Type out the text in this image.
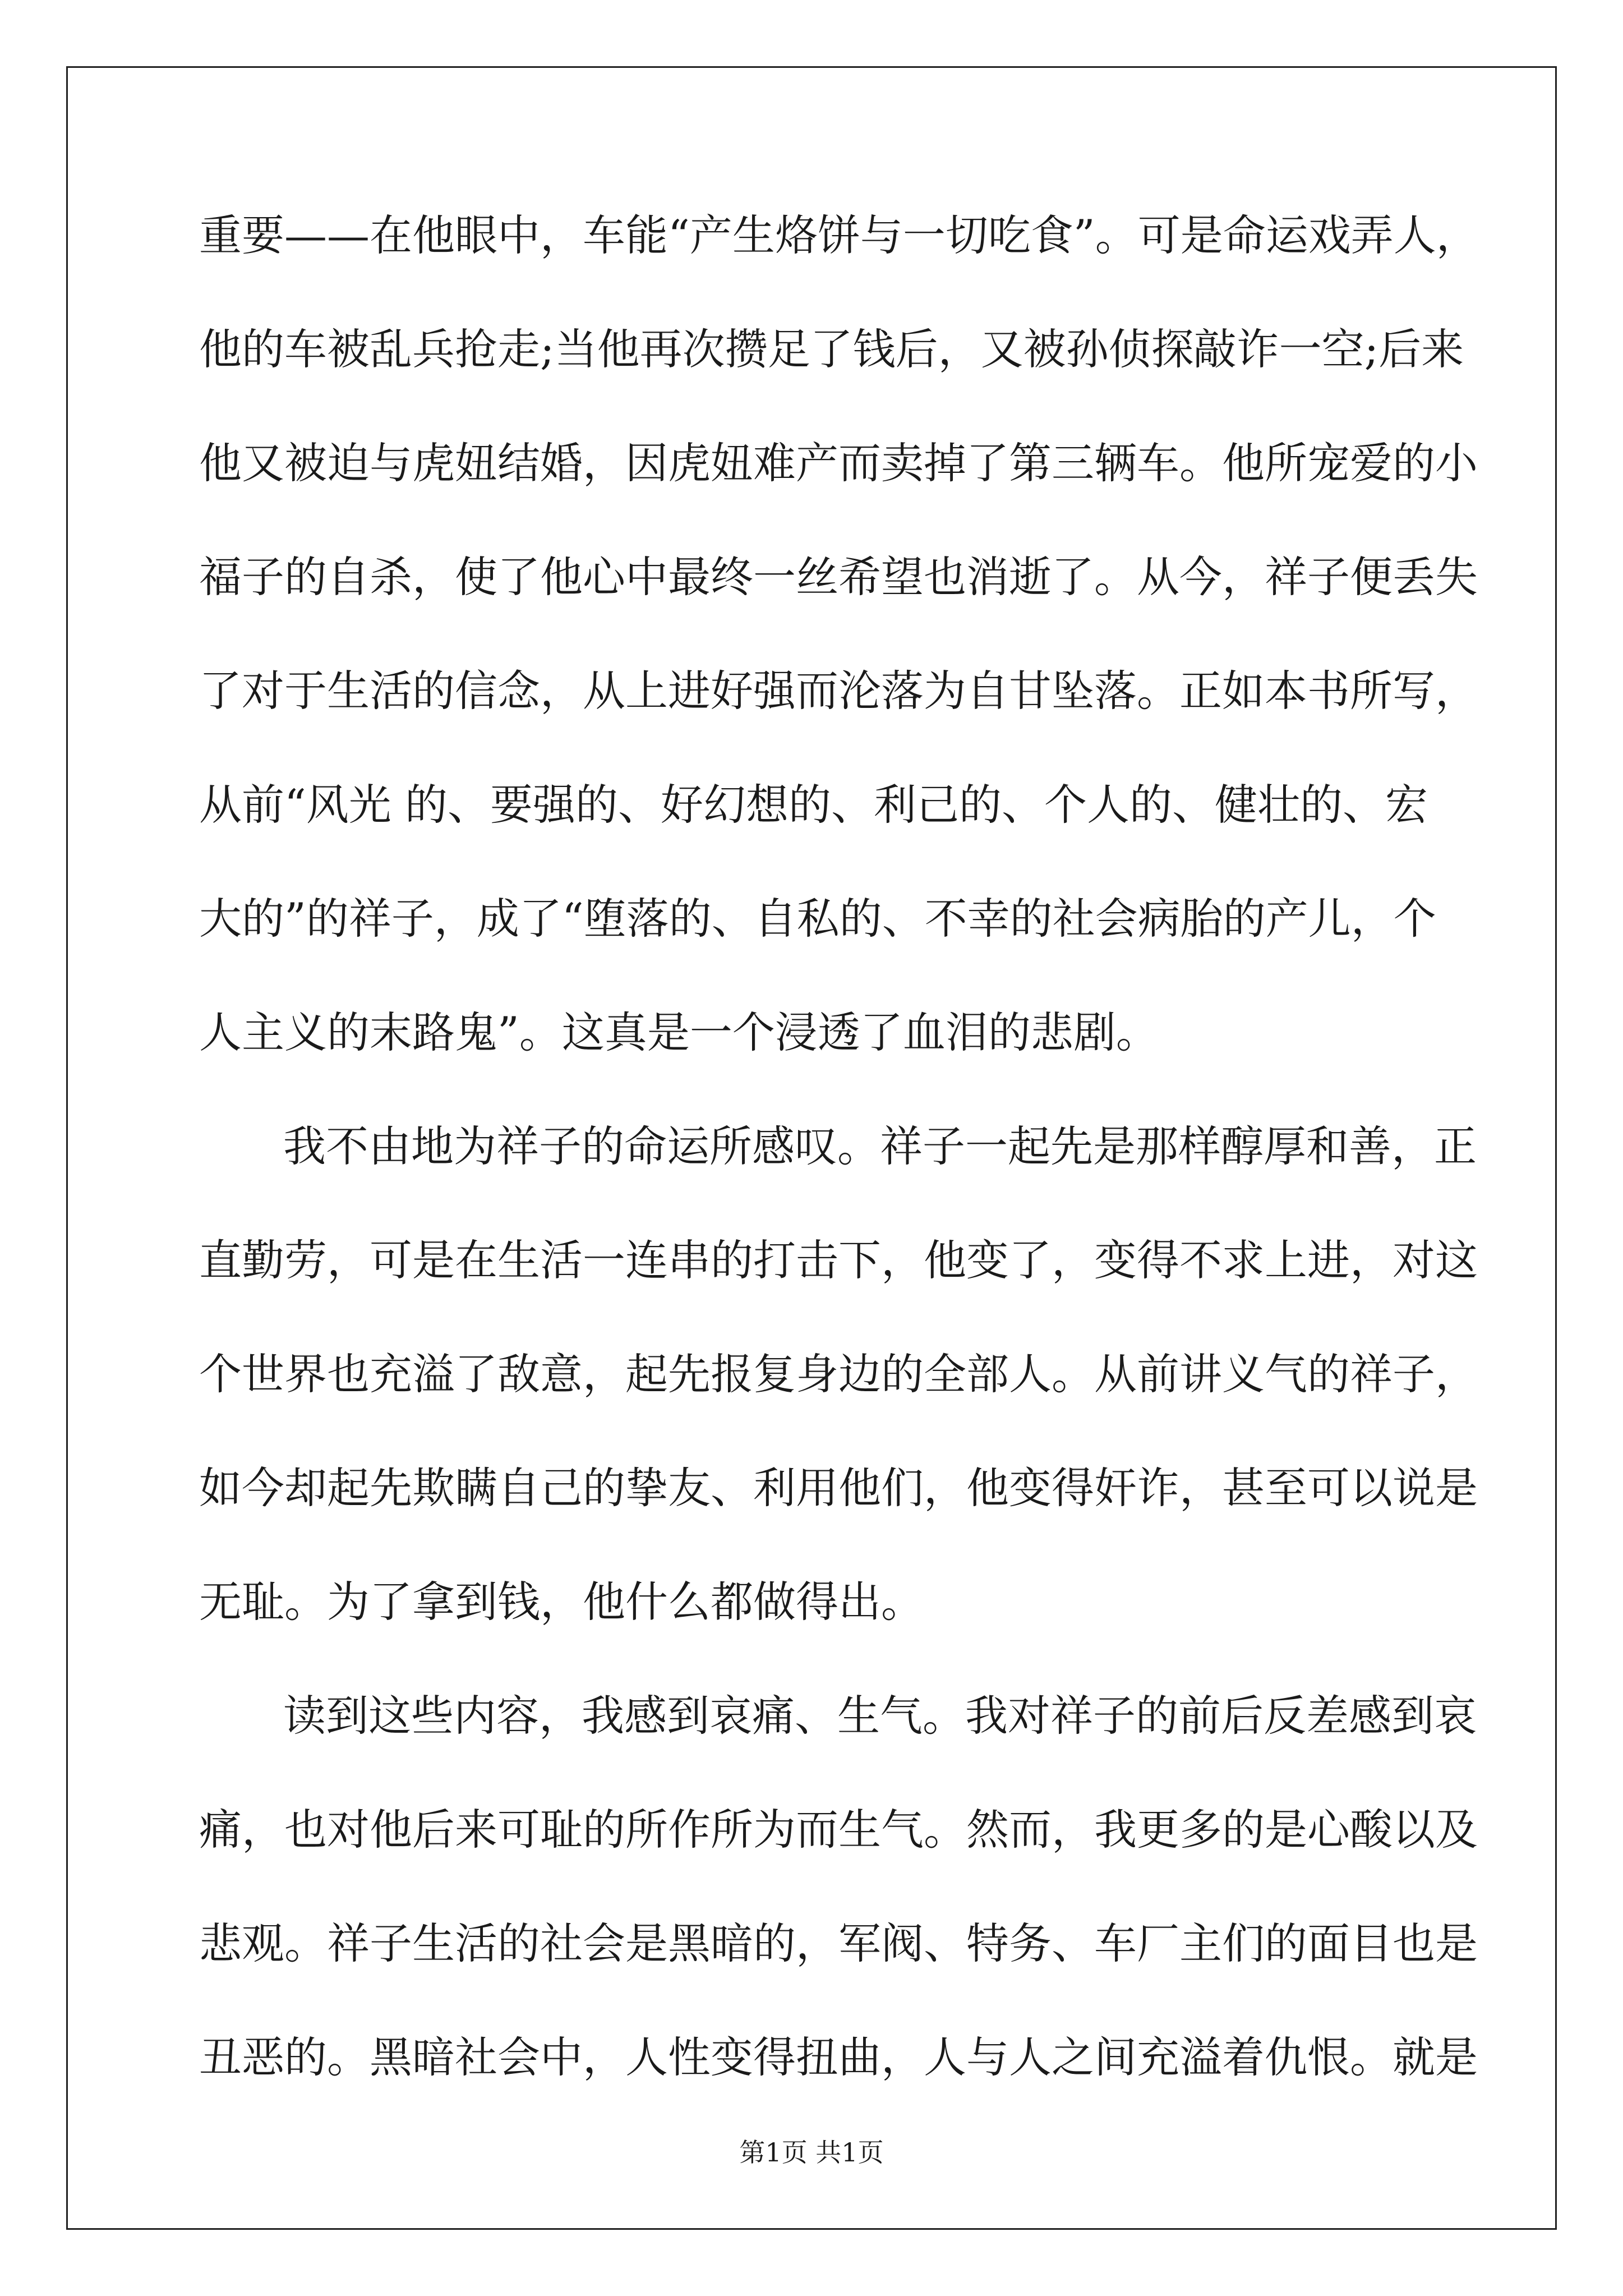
重要——在他眼中，车能“产生烙饼与一切吃食”。可是命运戏弄人，
他的车被乱兵抢走;当他再次攒足了钱后，又被孙侦探敲诈一空;后来
他又被迫与虎妞结婚，因虎妞难产而卖掉了第三辆车。他所宠爱的小
福子的自杀，使了他心中最终一丝希望也消逝了。从今，祥子便丢失
了对于生活的信念，从上进好强而沦落为自甘坠落。正如本书所写，
从前“风光 的、要强的、好幻想的、利己的、个人的、健壮的、宏
大的”的祥子，成了“堕落的、自私的、不幸的社会病胎的产儿，个
人主义的末路鬼”。这真是一个浸透了血泪的悲剧。
我不由地为祥子的命运所感叹。祥子一起先是那样醇厚和善，正
直勤劳，可是在生活一连串的打击下，他变了，变得不求上进，对这
个世界也充溢了敌意，起先报复身边的全部人。从前讲义气的祥子，
如今却起先欺瞒自己的挚友、利用他们，他变得奸诈，甚至可以说是
无耻。为了拿到钱，他什么都做得出。
读到这些内容，我感到哀痛、生气。我对祥子的前后反差感到哀
痛，也对他后来可耻的所作所为而生气。然而，我更多的是心酸以及
悲观。祥子生活的社会是黑暗的，军阀、特务、车厂主们的面目也是
丑恶的。黑暗社会中，人性变得扭曲，人与人之间充溢着仇恨。就是
第1页 共1页
